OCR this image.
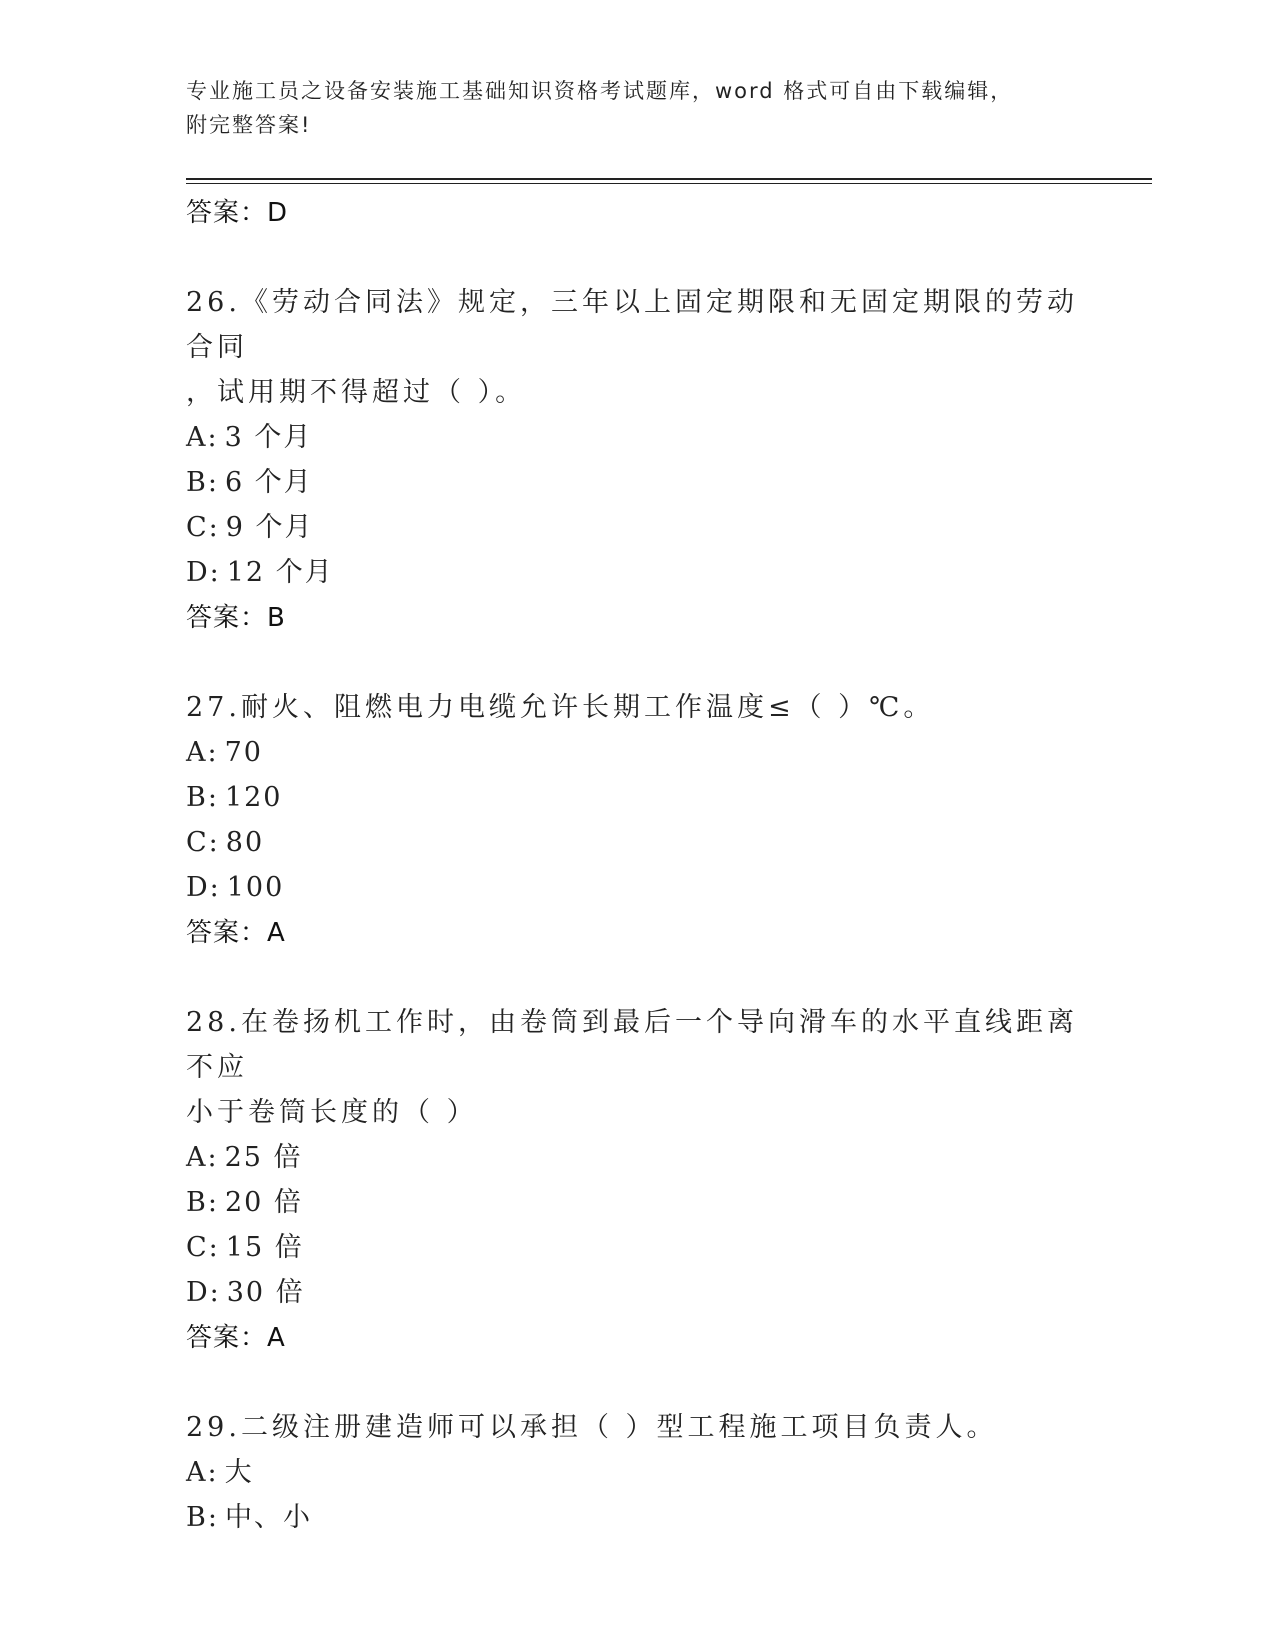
专业施工员之设备安装施工基础知识资格考试题库，word 格式可自由下载编辑，
附完整答案!
答案：D
26.《劳动合同法》规定，三年以上固定期限和无固定期限的劳动合同
，试用期不得超过（ ）。
A: 3 个月
B: 6 个月
C: 9 个月
D: 12 个月
答案：B
27.耐火、阻燃电力电缆允许长期工作温度≤（ ）℃。
A: 70
B: 120
C: 80
D: 100
答案：A
28.在卷扬机工作时，由卷筒到最后一个导向滑车的水平直线距离不应
小于卷筒长度的（ ）
A: 25 倍
B: 20 倍
C: 15 倍
D: 30 倍
答案：A
29.二级注册建造师可以承担（ ）型工程施工项目负责人。
A: 大
B: 中、小
